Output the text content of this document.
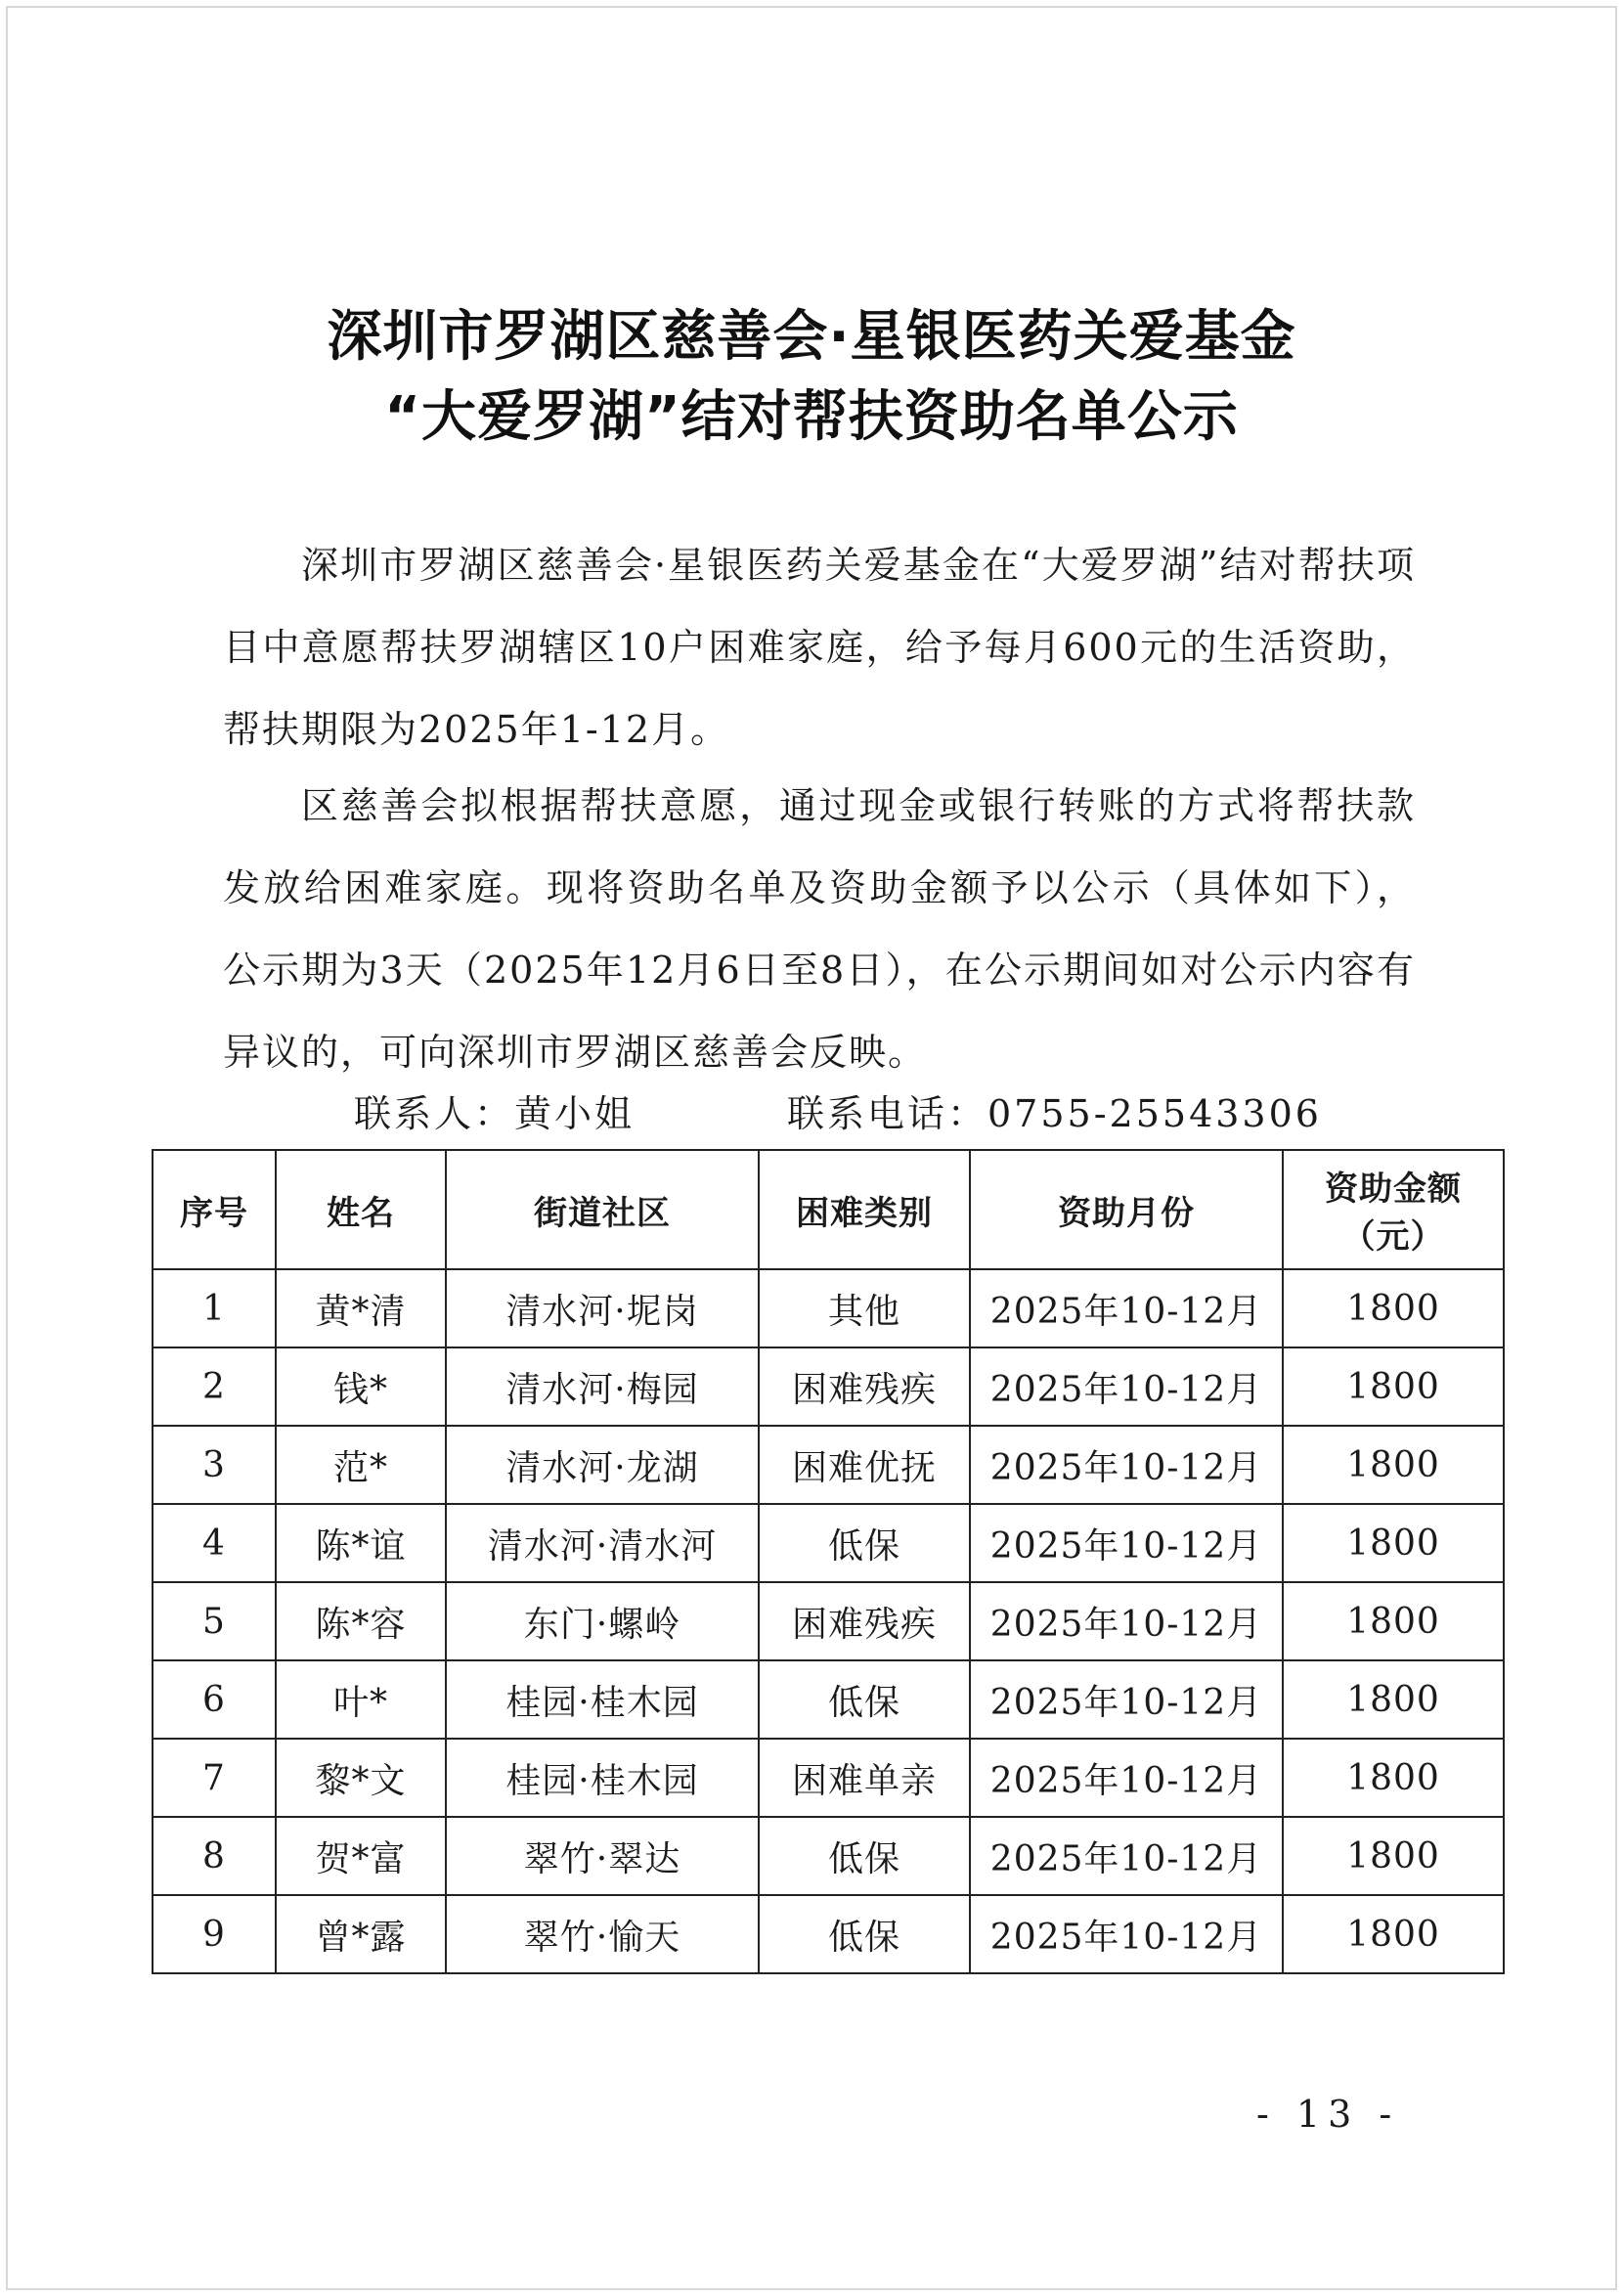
深圳市罗湖区慈善会·星银医药关爱基金
“大爱罗湖”结对帮扶资助名单公示

深圳市罗湖区慈善会·星银医药关爱基金在“大爱罗湖”结对帮扶项目中意愿帮扶罗湖辖区10户困难家庭，给予每月600元的生活资助，帮扶期限为2025年1-12月。

区慈善会拟根据帮扶意愿，通过现金或银行转账的方式将帮扶款发放给困难家庭。现将资助名单及资助金额予以公示（具体如下），公示期为3天（2025年12月6日至8日），在公示期间如对公示内容有异议的，可向深圳市罗湖区慈善会反映。

联系人：黄小姐	联系电话：0755-25543306
序号	姓名	街道社区	困难类别	资助月份	资助金额
（元）

1	黄*清	清水河·坭岗	其他	2025年10-12月	1800
2	钱*	清水河·梅园	困难残疾	2025年10-12月	1800
3	范*	清水河·龙湖	困难优抚	2025年10-12月	1800
4	陈*谊	清水河·清水河	低保	2025年10-12月	1800
5	陈*容	东门·螺岭	困难残疾	2025年10-12月	1800
6	叶*	桂园·桂木园	低保	2025年10-12月	1800
7	黎*文	桂园·桂木园	困难单亲	2025年10-12月	1800
8	贺*富	翠竹·翠达	低保	2025年10-12月	1800
9	曾*露	翠竹·愉天	低保	2025年10-12月	1800
- 13 -
